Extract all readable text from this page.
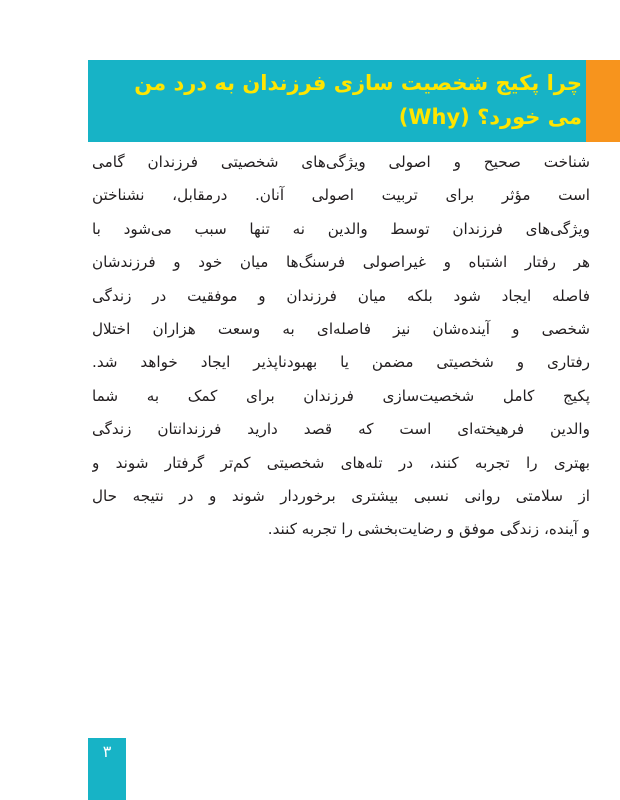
چرا پکیج شخصیت سازی فرزندان به درد من می خورد؟ (Why)
شناخت صحیح و اصولی ویژگی‌های شخصیتی فرزندان گامی
است مؤثر برای تربیت اصولی آنان. درمقابل، نشناختن
ویژگی‌های فرزندان توسط والدین نه تنها سبب می‌شود با
هر رفتار اشتباه و غیراصولی فرسنگ‌ها میان خود و فرزندشان
فاصله ایجاد شود بلکه میان فرزندان و موفقیت در زندگی
شخصی و آینده‌شان نیز فاصله‌ای به وسعت هزاران اختلال
رفتاری و شخصیتی مضمن یا بهبودناپذیر ایجاد خواهد شد.
پکیج کامل شخصیت‌سازی فرزندان برای کمک به شما
والدین فرهیخته‌ای است که قصد دارید فرزندانتان زندگی
بهتری را تجربه کنند، در تله‌های شخصیتی کم‌تر گرفتار شوند و
از سلامتی روانی نسبی بیشتری برخوردار شوند و در نتیجه حال
و آینده، زندگی موفق و رضایت‌بخشی را تجربه کنند.
۳
